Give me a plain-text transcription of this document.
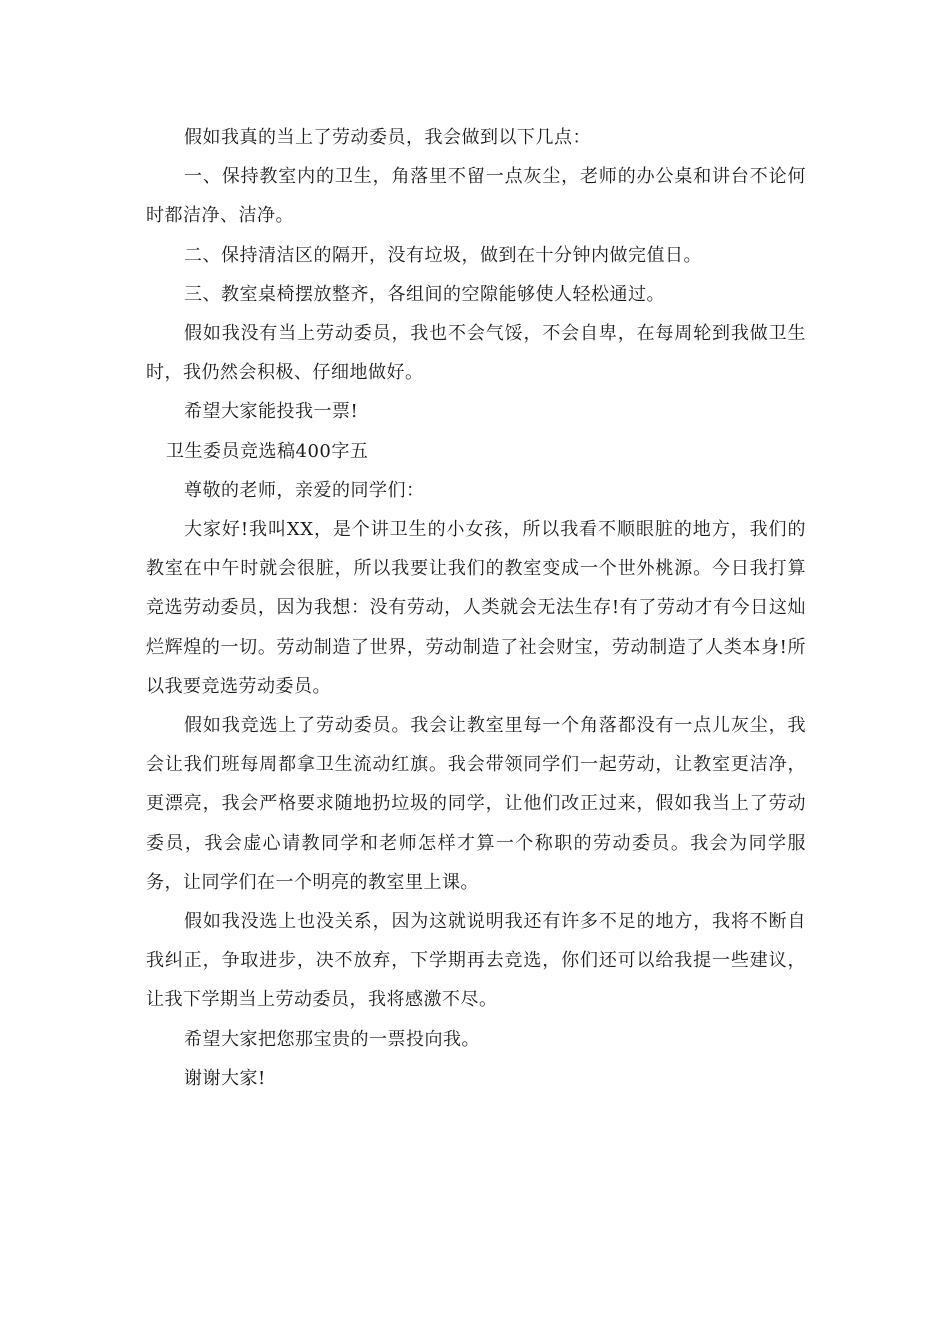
假如我真的当上了劳动委员，我会做到以下几点：

一、保持教室内的卫生，角落里不留一点灰尘，老师的办公桌和讲台不论何时都洁净、洁净。

二、保持清洁区的隔开，没有垃圾，做到在十分钟内做完值日。

三、教室桌椅摆放整齐，各组间的空隙能够使人轻松通过。

假如我没有当上劳动委员，我也不会气馁，不会自卑，在每周轮到我做卫生时，我仍然会积极、仔细地做好。

希望大家能投我一票!

卫生委员竞选稿400字五

尊敬的老师，亲爱的同学们：

大家好!我叫XX，是个讲卫生的小女孩，所以我看不顺眼脏的地方，我们的教室在中午时就会很脏，所以我要让我们的教室变成一个世外桃源。今日我打算竞选劳动委员，因为我想：没有劳动，人类就会无法生存!有了劳动才有今日这灿烂辉煌的一切。劳动制造了世界，劳动制造了社会财宝，劳动制造了人类本身!所以我要竞选劳动委员。

假如我竞选上了劳动委员。我会让教室里每一个角落都没有一点儿灰尘，我会让我们班每周都拿卫生流动红旗。我会带领同学们一起劳动，让教室更洁净，更漂亮，我会严格要求随地扔垃圾的同学，让他们改正过来，假如我当上了劳动委员，我会虚心请教同学和老师怎样才算一个称职的劳动委员。我会为同学服务，让同学们在一个明亮的教室里上课。

假如我没选上也没关系，因为这就说明我还有许多不足的地方，我将不断自我纠正，争取进步，决不放弃，下学期再去竞选，你们还可以给我提一些建议，让我下学期当上劳动委员，我将感激不尽。

希望大家把您那宝贵的一票投向我。

谢谢大家!
